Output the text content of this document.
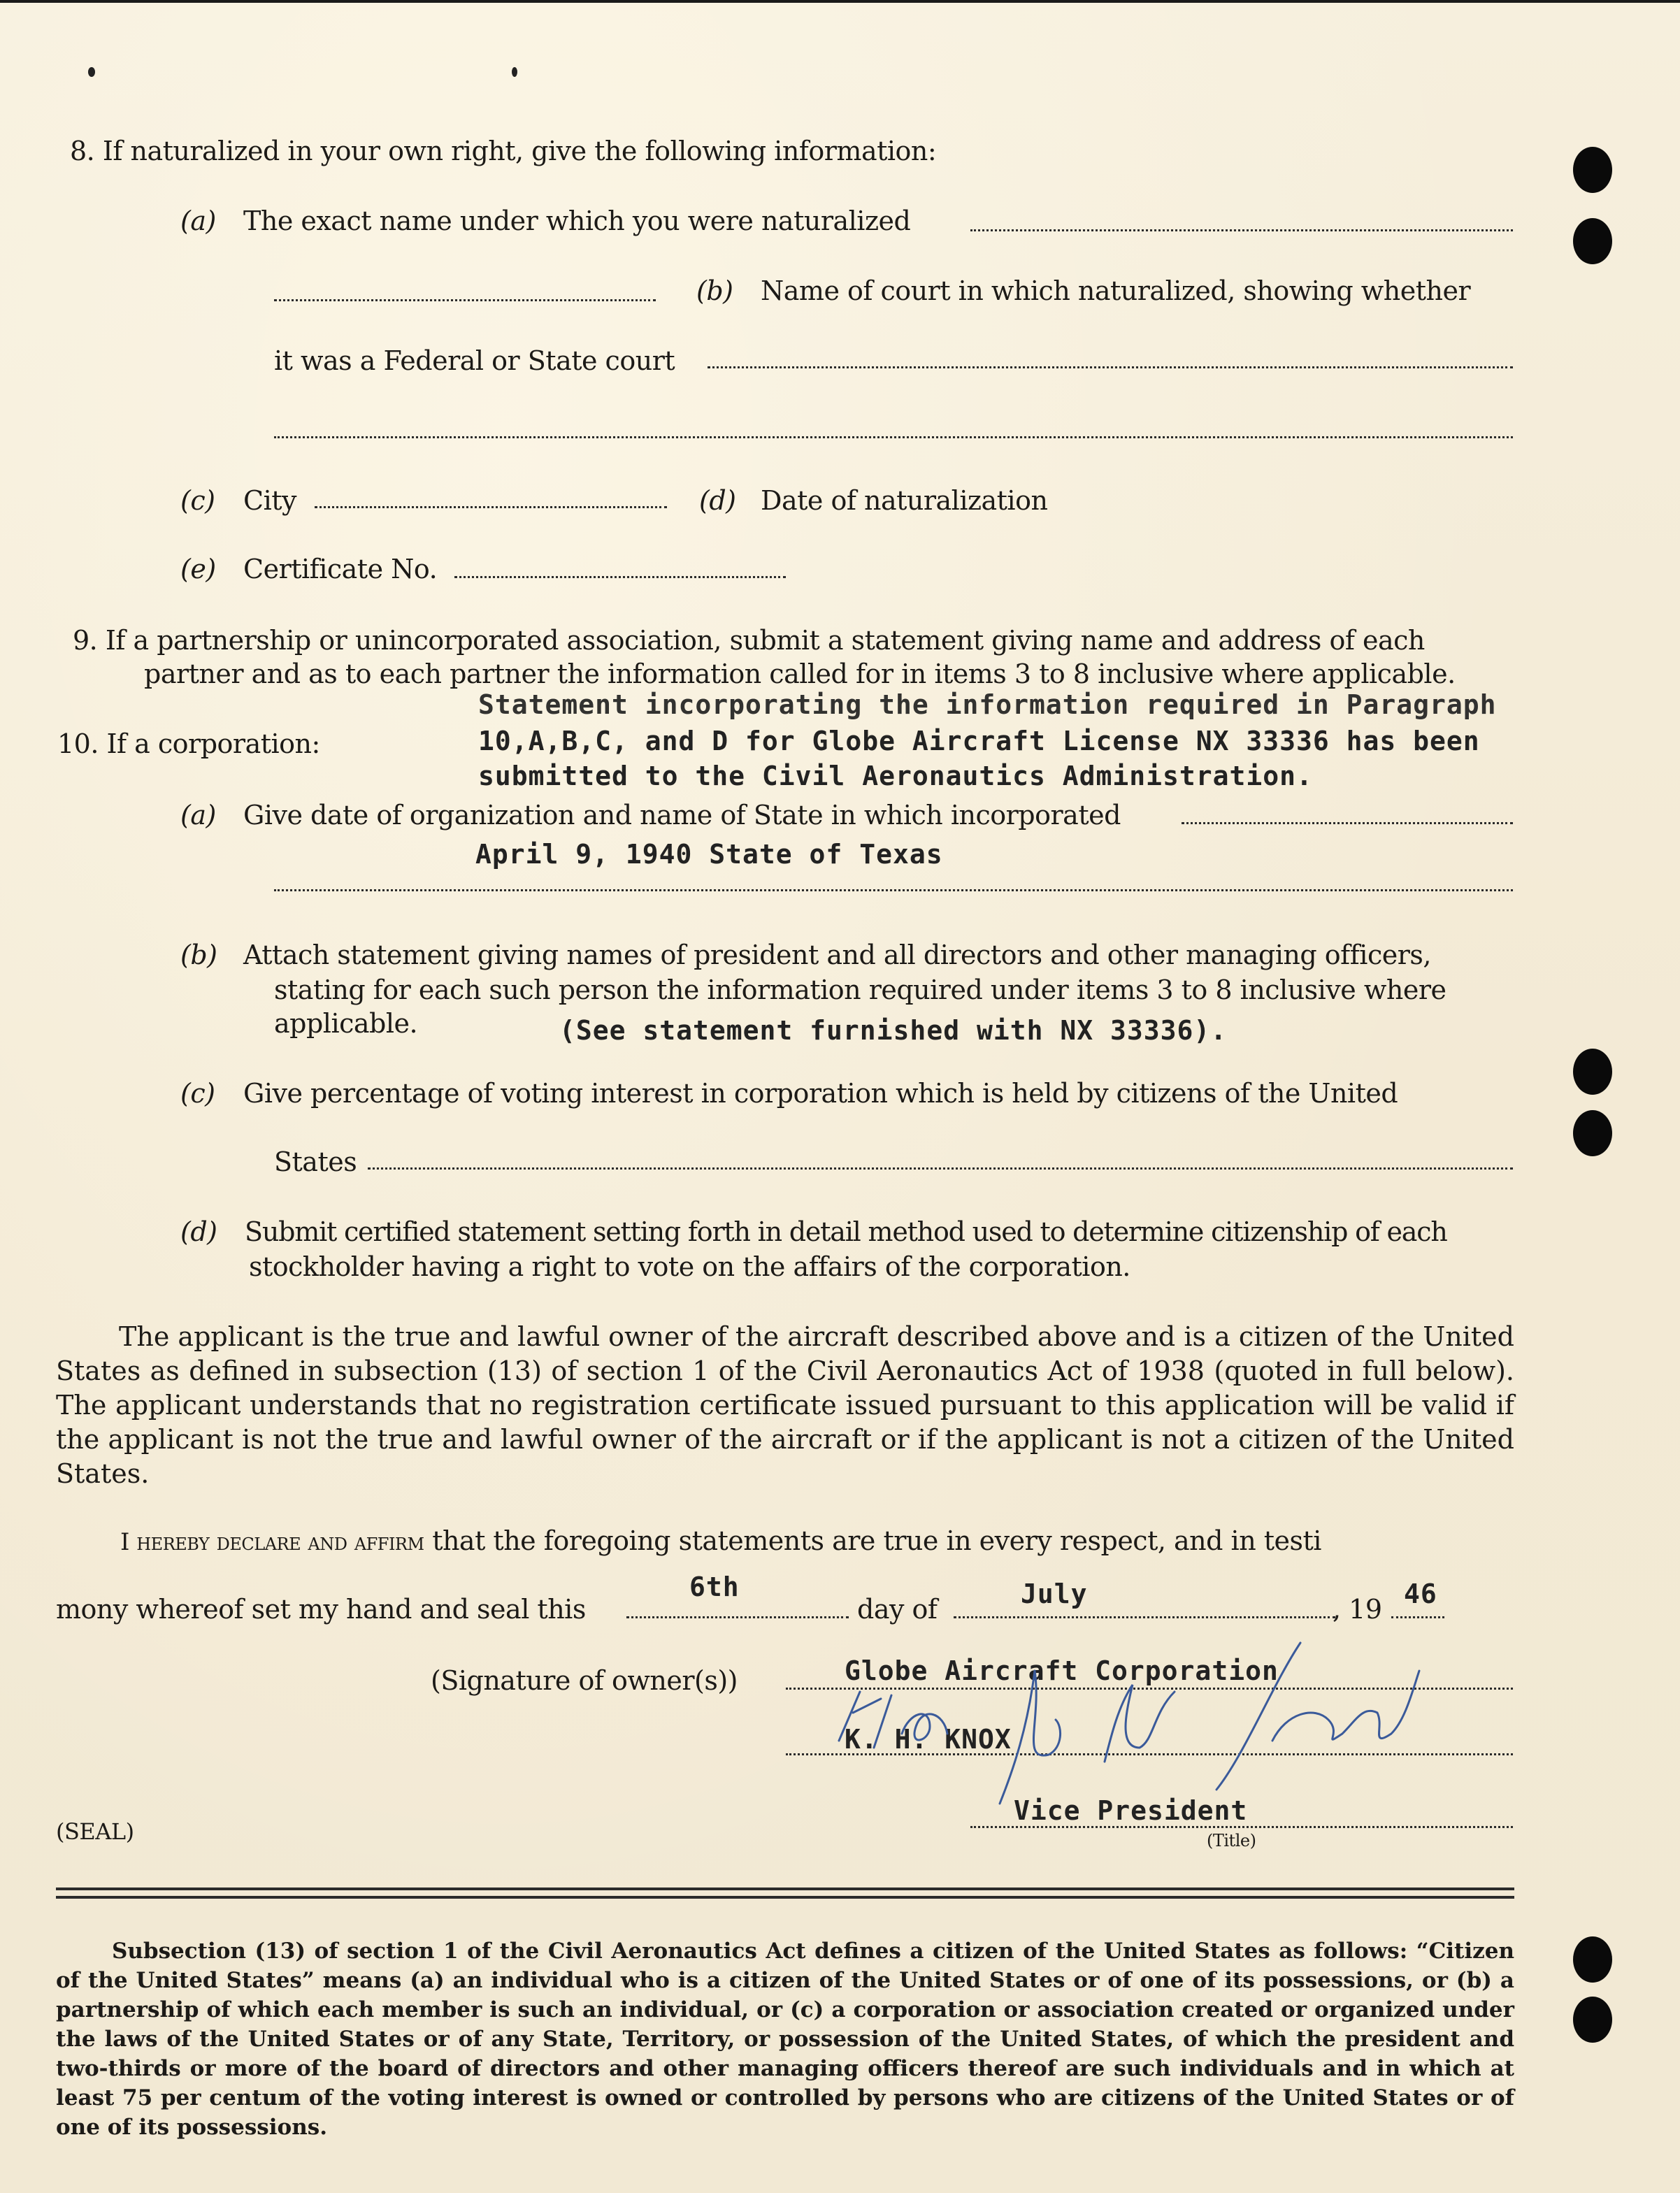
8. If naturalized in your own right, give the following information:
(a) The exact name under which you were naturalized
(b) Name of court in which naturalized, showing whether
it was a Federal or State court
(c) City	(d) Date of naturalization
(e) Certificate No.
9. If a partnership or unincorporated association, submit a statement giving name and address of each
partner and as to each partner the information called for in items 3 to 8 inclusive where applicable.
10. If a corporation:
Statement incorporating the information required in Paragraph
10,A,B,C, and D for Globe Aircraft License NX 33336 has been
submitted to the Civil Aeronautics Administration.
(a) Give date of organization and name of State in which incorporated
April 9, 1940 State of Texas
(b) Attach statement giving names of president and all directors and other managing officers,
stating for each such person the information required under items 3 to 8 inclusive where
applicable.	(See statement furnished with NX 33336).
(c) Give percentage of voting interest in corporation which is held by citizens of the United
States
(d) Submit certified statement setting forth in detail method used to determine citizenship of each
stockholder having a right to vote on the affairs of the corporation.
The applicant is the true and lawful owner of the aircraft described above and is a citizen of the United States as defined in subsection (13) of section 1 of the Civil Aeronautics Act of 1938 (quoted in full below). The applicant understands that no registration certificate issued pursuant to this application will be valid if the applicant is not the true and lawful owner of the aircraft or if the applicant is not a citizen of the United States.
I hereby declare and affirm that the foregoing statements are true in every respect, and in testi
mony whereof set my hand and seal this
6th
day of	July	, 19 46
(Signature of owner(s))	Globe Aircraft Corporation
K. H. KNOX
(SEAL)
Vice President
(Title)
Subsection (13) of section 1 of the Civil Aeronautics Act defines a citizen of the United States as follows: “Citizen of the United States” means (a) an individual who is a citizen of the United States or of one of its possessions, or (b) a partnership of which each member is such an individual, or (c) a corporation or association created or organized under the laws of the United States or of any State, Territory, or possession of the United States, of which the president and two-thirds or more of the board of directors and other managing officers thereof are such individuals and in which at least 75 per centum of the voting interest is owned or controlled by persons who are citizens of the United States or of one of its possessions.
